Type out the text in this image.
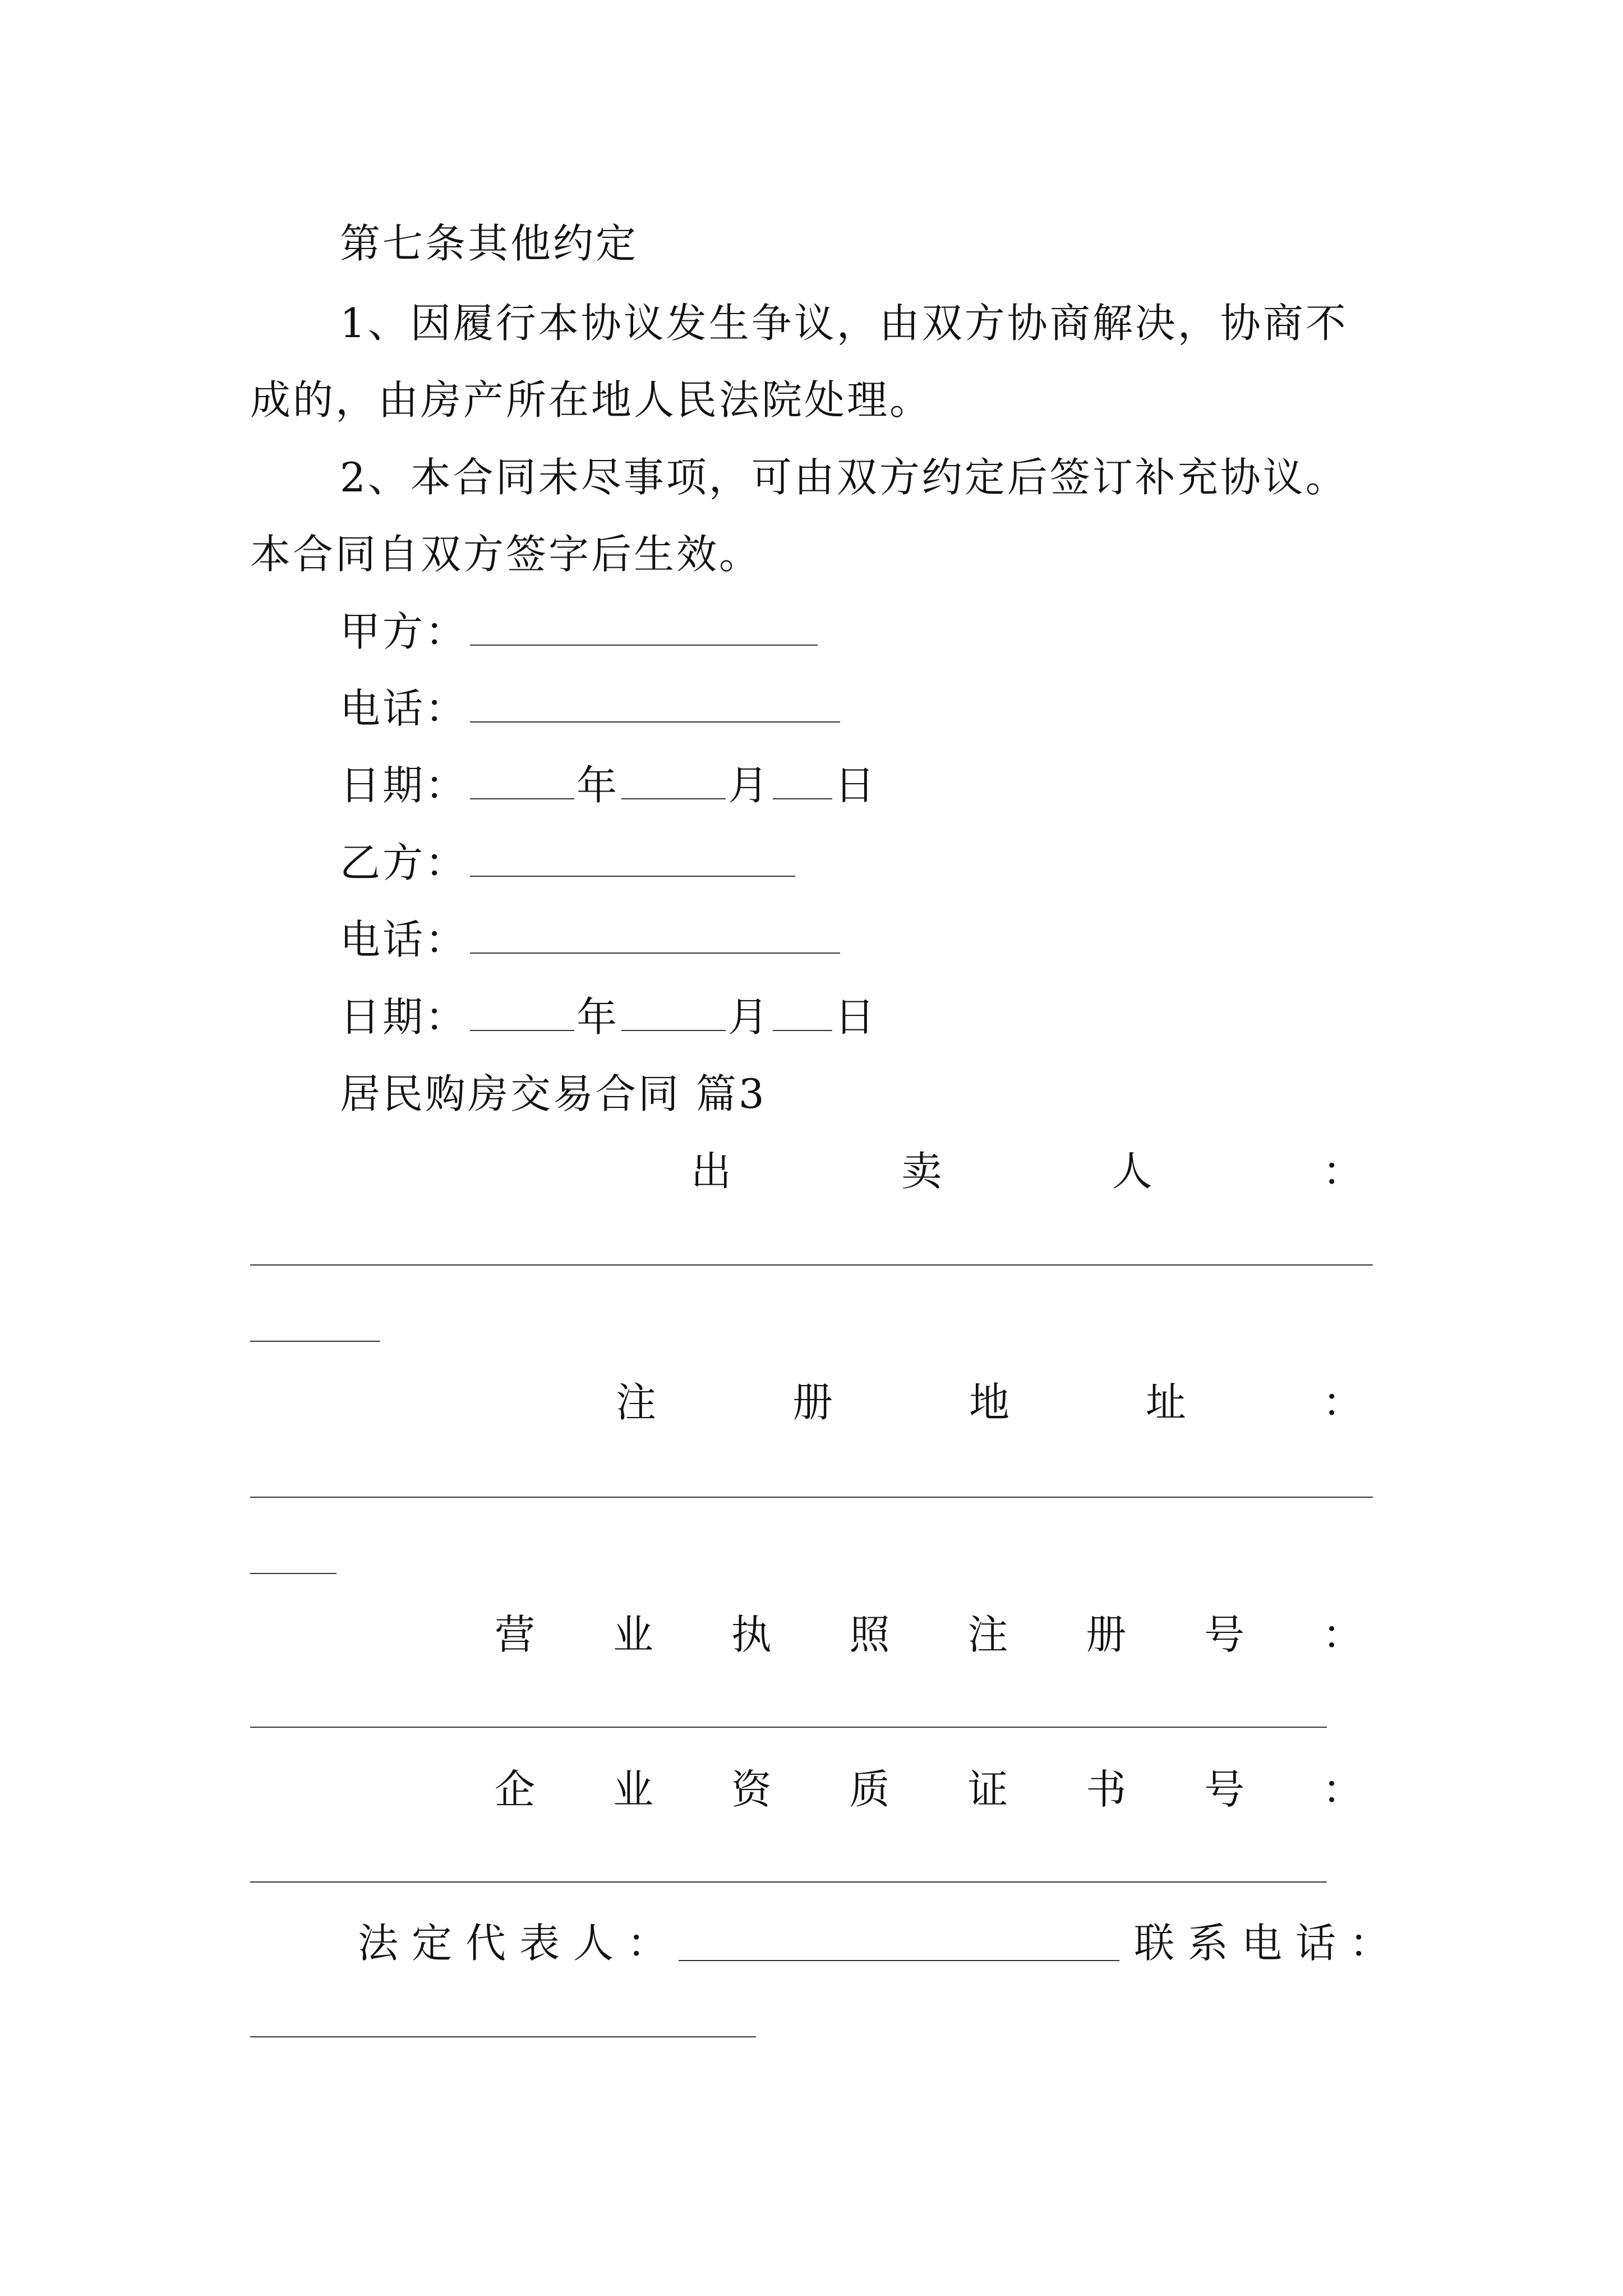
第七条其他约定
1、因履行本协议发生争议，由双方协商解决，协商不
成的，由房产所在地人民法院处理。
2、本合同未尽事项，可由双方约定后签订补充协议。
本合同自双方签字后生效。
甲方：
电话：
日期：	年	月 日
乙方：
电话：
日期：	年	月 日
居民购房交易合同 篇3
出	卖	人	：
注	册	地	址	：
营 业 执 照 注 册 号 ：
企 业 资 质 证 书 号 ：
法定代表人：	联系电话：
